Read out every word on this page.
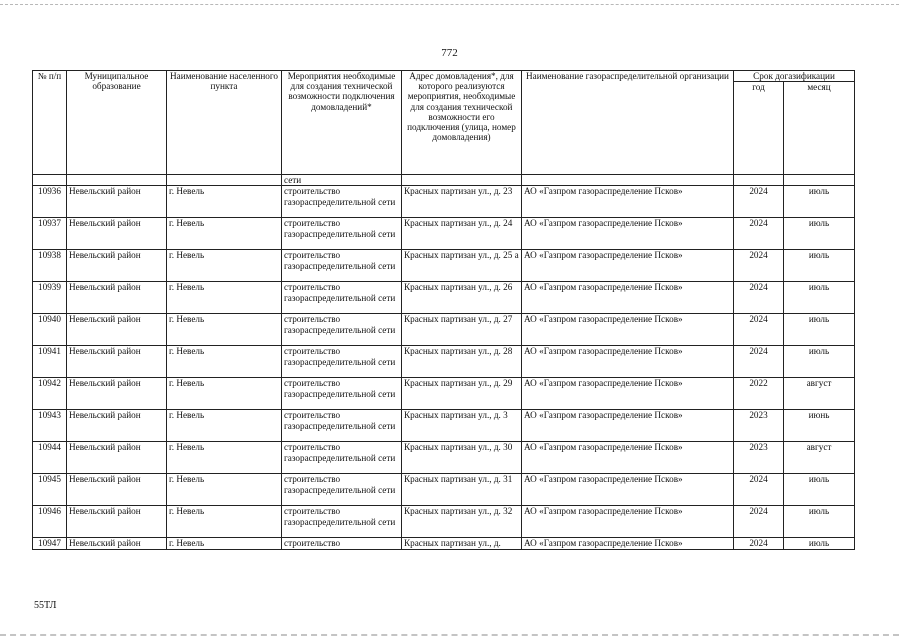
772
№ п/п	Муниципальное образование	Наименование населенного пункта	Мероприятия необходимые для создания технической возможности подключения домовладений*	Адрес домовладения*, для которого реализуются мероприятия, необходимые для создания технической возможности его подключения (улица, номер домовладения)	Наименование газораспределительной организации	Срок догазификации	
						год	месяц
			сети				
10936	Невельский район	г. Невель	строительство газораспределительной сети	Красных партизан ул., д. 23	АО «Газпром газораспределение Псков»	2024	июль
10937	Невельский район	г. Невель	строительство газораспределительной сети	Красных партизан ул., д. 24	АО «Газпром газораспределение Псков»	2024	июль
10938	Невельский район	г. Невель	строительство газораспределительной сети	Красных партизан ул., д. 25 а	АО «Газпром газораспределение Псков»	2024	июль
10939	Невельский район	г. Невель	строительство газораспределительной сети	Красных партизан ул., д. 26	АО «Газпром газораспределение Псков»	2024	июль
10940	Невельский район	г. Невель	строительство газораспределительной сети	Красных партизан ул., д. 27	АО «Газпром газораспределение Псков»	2024	июль
10941	Невельский район	г. Невель	строительство газораспределительной сети	Красных партизан ул., д. 28	АО «Газпром газораспределение Псков»	2024	июль
10942	Невельский район	г. Невель	строительство газораспределительной сети	Красных партизан ул., д. 29	АО «Газпром газораспределение Псков»	2022	август
10943	Невельский район	г. Невель	строительство газораспределительной сети	Красных партизан ул., д. 3	АО «Газпром газораспределение Псков»	2023	июнь
10944	Невельский район	г. Невель	строительство газораспределительной сети	Красных партизан ул., д. 30	АО «Газпром газораспределение Псков»	2023	август
10945	Невельский район	г. Невель	строительство газораспределительной сети	Красных партизан ул., д. 31	АО «Газпром газораспределение Псков»	2024	июль
10946	Невельский район	г. Невель	строительство газораспределительной сети	Красных партизан ул., д. 32	АО «Газпром газораспределение Псков»	2024	июль
10947	Невельский район	г. Невель	строительство	Красных партизан ул., д.	АО «Газпром газораспределение Псков»	2024	июль
55ТЛ
